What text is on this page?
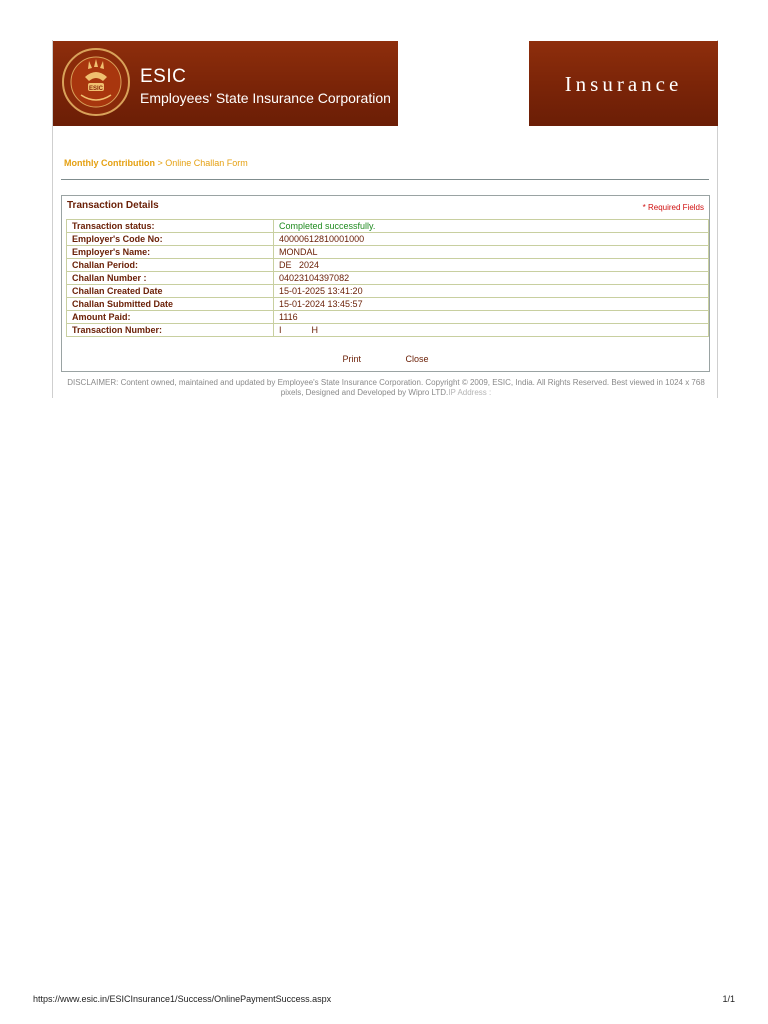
ESIC
ESIC
Employees' State Insurance Corporation
Insurance
Monthly Contribution > Online Challan Form
Transaction Details	* Required Fields
Transaction status:	Completed successfully.
Employer's Code No:	40000612810001000
Employer's Name:	MONDAL
Challan Period:	DE   2024
Challan Number :	04023104397082
Challan Created Date	15-01-2025 13:41:20
Challan Submitted Date	15-01-2024 13:45:57
Amount Paid:	1116
Transaction Number:	I            H
Print	Close
DISCLAIMER: Content owned, maintained and updated by Employee's State Insurance Corporation. Copyright © 2009, ESIC, India. All Rights Reserved. Best viewed in 1024 x 768 pixels, Designed and Developed by Wipro LTD.IP Address :
https://www.esic.in/ESICInsurance1/Success/OnlinePaymentSuccess.aspx	1/1
